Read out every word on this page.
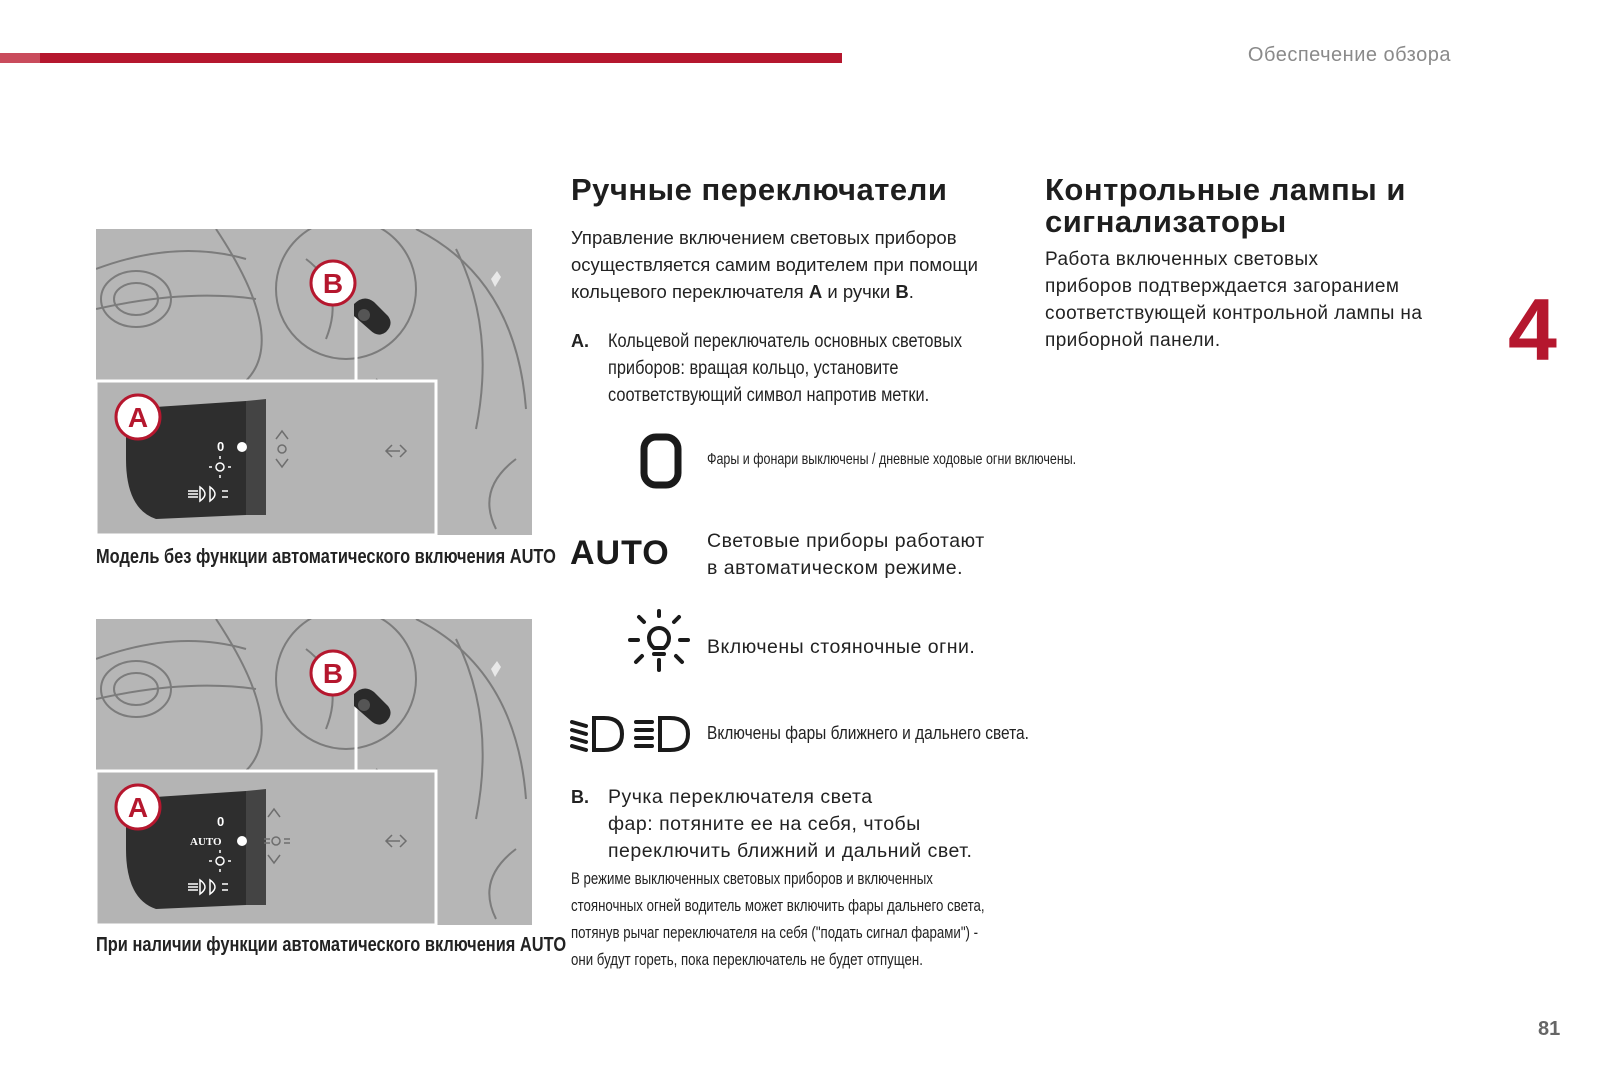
Обеспечение обзора
4
81
0
A
B
Модель без функции автоматического включения AUTO
0
AUTO
A
B
При наличии функции автоматического включения AUTO
Ручные переключатели
Управление включением световых приборов
осуществляется самим водителем при помощи
кольцевого переключателя A и ручки B.
A. Кольцевой переключатель основных световых
приборов: вращая кольцо, установите
соответствующий символ напротив метки.
Фары и фонари выключены / дневные ходовые огни включены.
AUTO Световые приборы работают
в автоматическом режиме.
Включены стояночные огни.
Включены фары ближнего и дальнего света.
B. Ручка переключателя света
фар: потяните ее на себя, чтобы
переключить ближний и дальний свет.
В режиме выключенных световых приборов и включенных
стояночных огней водитель может включить фары дальнего света,
потянув рычаг переключателя на себя ("подать сигнал фарами") -
они будут гореть, пока переключатель не будет отпущен.
Контрольные лампы и
сигнализаторы
Работа включенных световых
приборов подтверждается загоранием
соответствующей контрольной лампы на
приборной панели.
